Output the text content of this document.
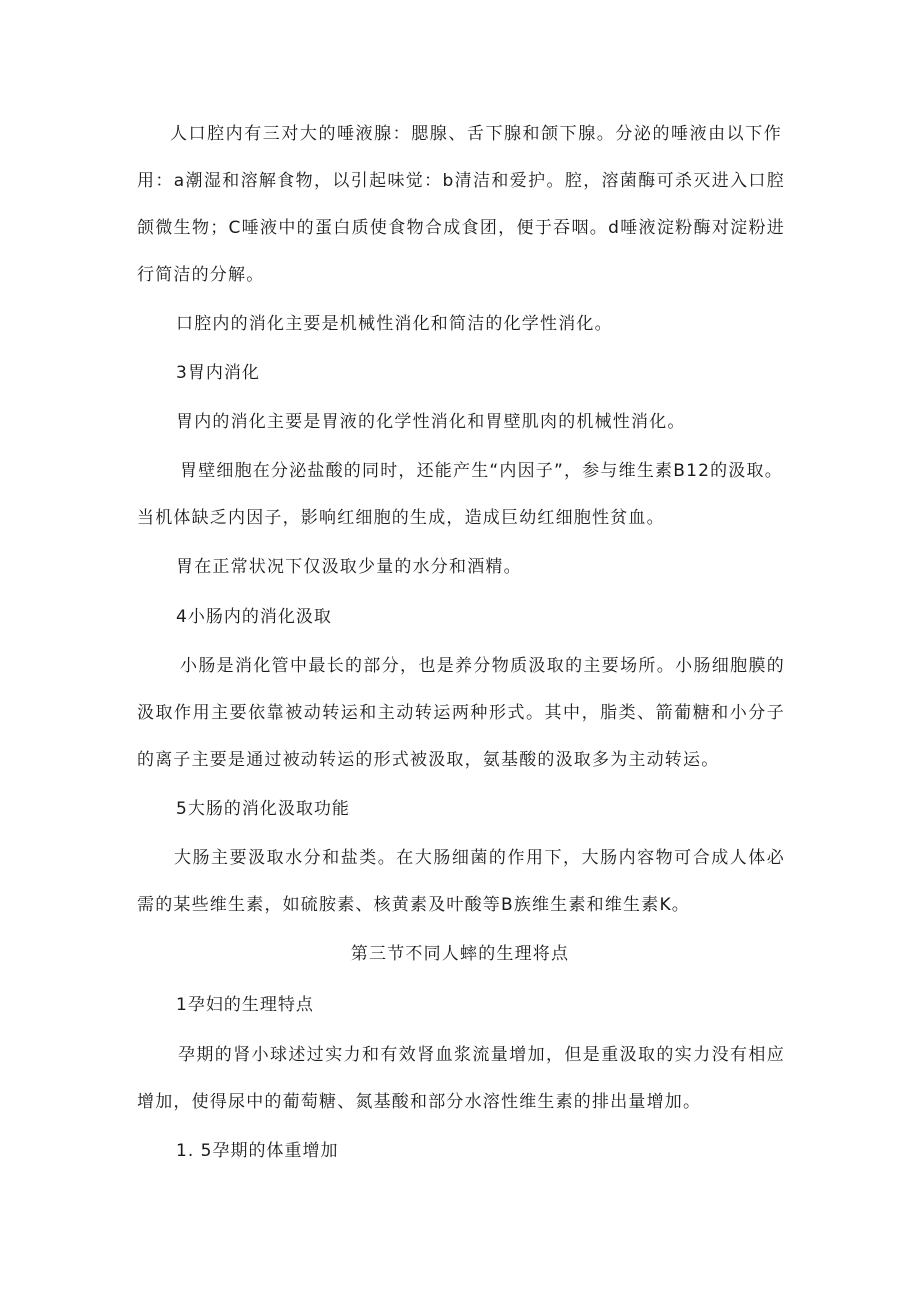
人口腔内有三对大的唾液腺：腮腺、舌下腺和颌下腺。分泌的唾液由以下作

用：a潮湿和溶解食物，以引起味觉：b清洁和爱护。腔，溶菌酶可杀灭进入口腔

颌微生物；C唾液中的蛋白质使食物合成食团，便于吞咽。d唾液淀粉酶对淀粉进

行简洁的分解。

口腔内的消化主要是机械性消化和简洁的化学性消化。

3胃内消化

胃内的消化主要是胃液的化学性消化和胃壁肌肉的机械性消化。

胃壁细胞在分泌盐酸的同时，还能产生“内因子”，参与维生素B12的汲取。

当机体缺乏内因子，影响红细胞的生成，造成巨幼红细胞性贫血。

胃在正常状况下仅汲取少量的水分和酒精。

4小肠内的消化汲取

小肠是消化管中最长的部分，也是养分物质汲取的主要场所。小肠细胞膜的

汲取作用主要依靠被动转运和主动转运两种形式。其中，脂类、箭葡糖和小分子

的离子主要是通过被动转运的形式被汲取，氨基酸的汲取多为主动转运。

5大肠的消化汲取功能

大肠主要汲取水分和盐类。在大肠细菌的作用下，大肠内容物可合成人体必

需的某些维生素，如硫胺素、核黄素及叶酸等B族维生素和维生素K。

第三节不同人蟀的生理将点

1孕妇的生理特点

孕期的肾小球述过实力和有效肾血浆流量增加，但是重汲取的实力没有相应

增加，使得尿中的葡萄糖、氮基酸和部分水溶性维生素的排出量增加。

1. 5孕期的体重增加
